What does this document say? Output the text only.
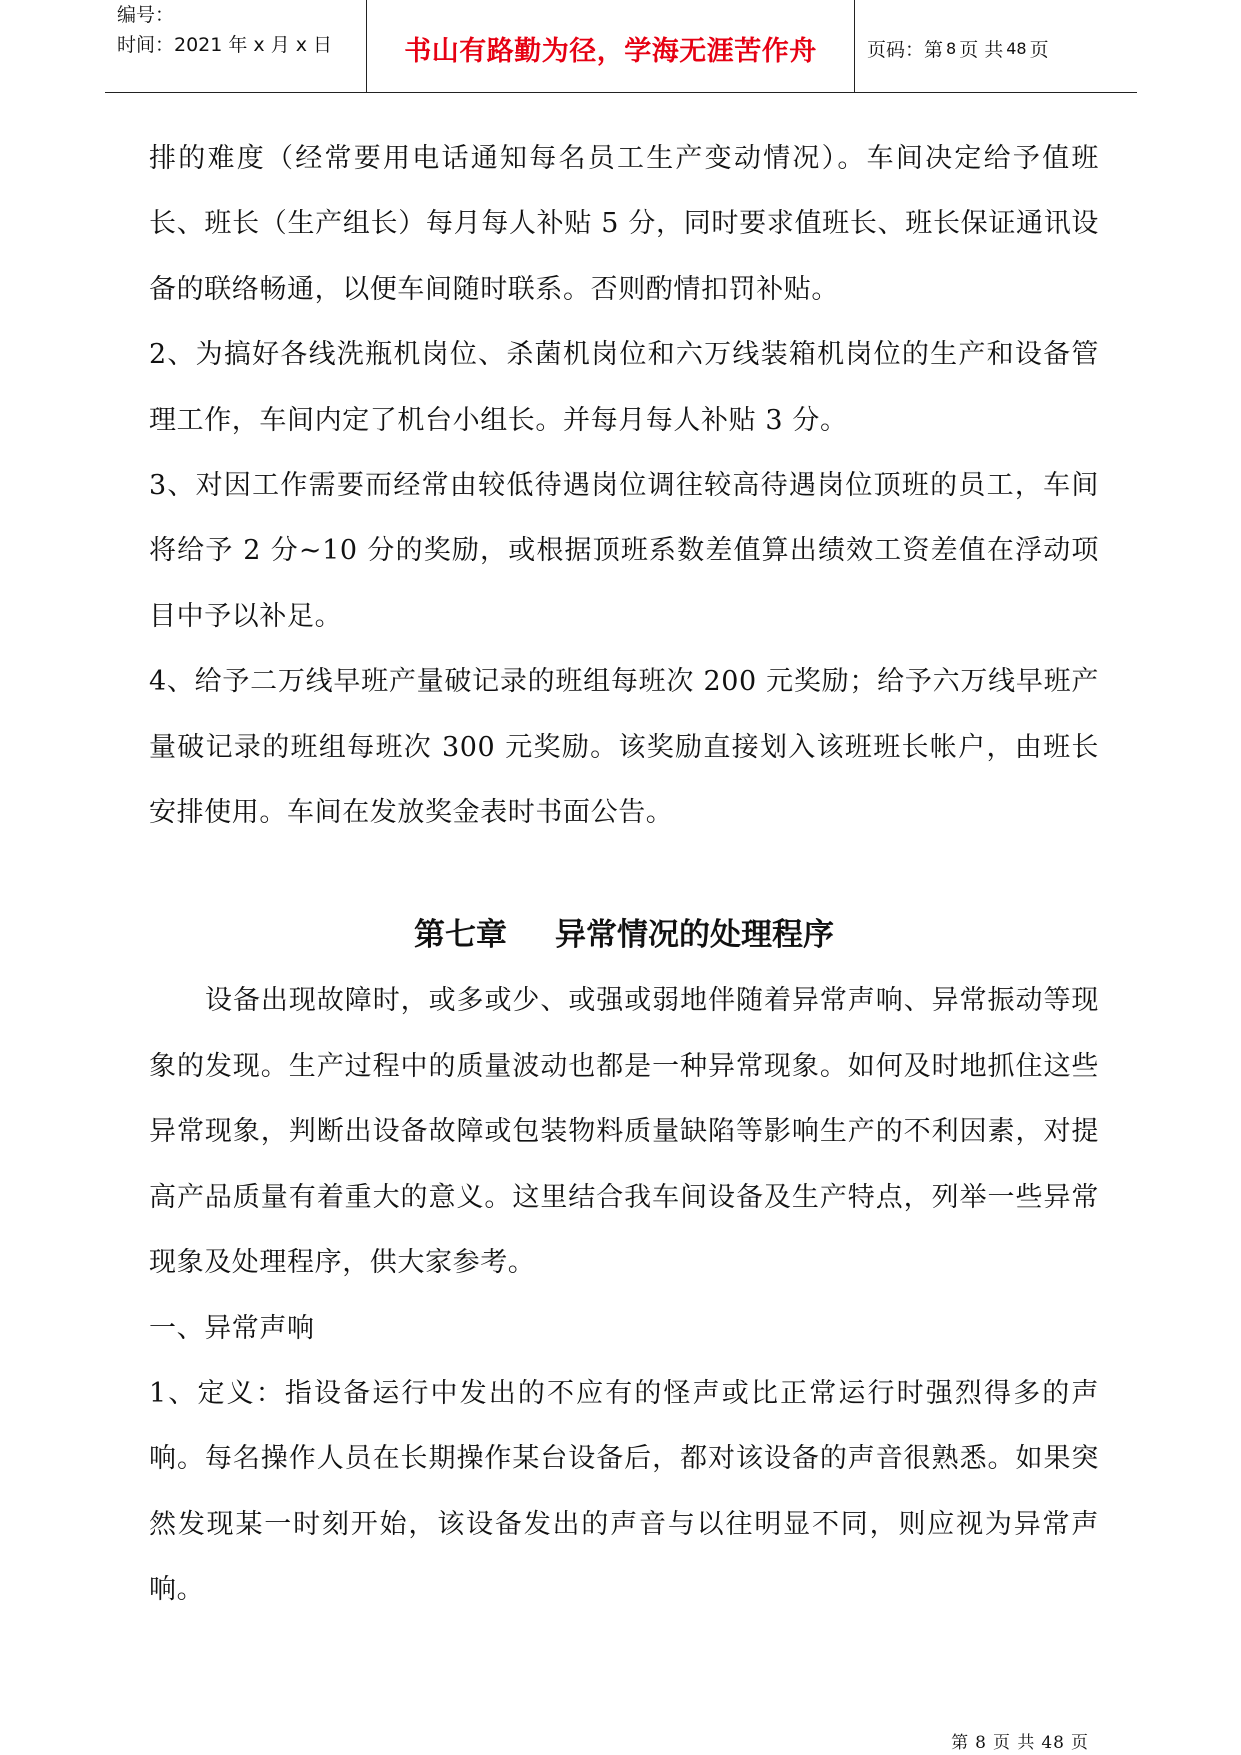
编号：
时间：2021 年 x 月 x 日	书山有路勤为径，学海无涯苦作舟	页码：第 8 页 共 48 页

排的难度（经常要用电话通知每名员工生产变动情况）。车间决定给予值班长、班长（生产组长）每月每人补贴 5 分，同时要求值班长、班长保证通讯设备的联络畅通，以便车间随时联系。否则酌情扣罚补贴。

2、为搞好各线洗瓶机岗位、杀菌机岗位和六万线装箱机岗位的生产和设备管理工作，车间内定了机台小组长。并每月每人补贴 3 分。

3、对因工作需要而经常由较低待遇岗位调往较高待遇岗位顶班的员工，车间将给予 2 分~10 分的奖励，或根据顶班系数差值算出绩效工资差值在浮动项目中予以补足。

4、给予二万线早班产量破记录的班组每班次 200 元奖励；给予六万线早班产量破记录的班组每班次 300 元奖励。该奖励直接划入该班班长帐户，由班长安排使用。车间在发放奖金表时书面公告。

第七章 异常情况的处理程序

设备出现故障时，或多或少、或强或弱地伴随着异常声响、异常振动等现象的发现。生产过程中的质量波动也都是一种异常现象。如何及时地抓住这些异常现象，判断出设备故障或包装物料质量缺陷等影响生产的不利因素，对提高产品质量有着重大的意义。这里结合我车间设备及生产特点，列举一些异常现象及处理程序，供大家参考。

一、异常声响

1、定义：指设备运行中发出的不应有的怪声或比正常运行时强烈得多的声响。每名操作人员在长期操作某台设备后，都对该设备的声音很熟悉。如果突然发现某一时刻开始，该设备发出的声音与以往明显不同，则应视为异常声响。

第 8 页 共 48 页
